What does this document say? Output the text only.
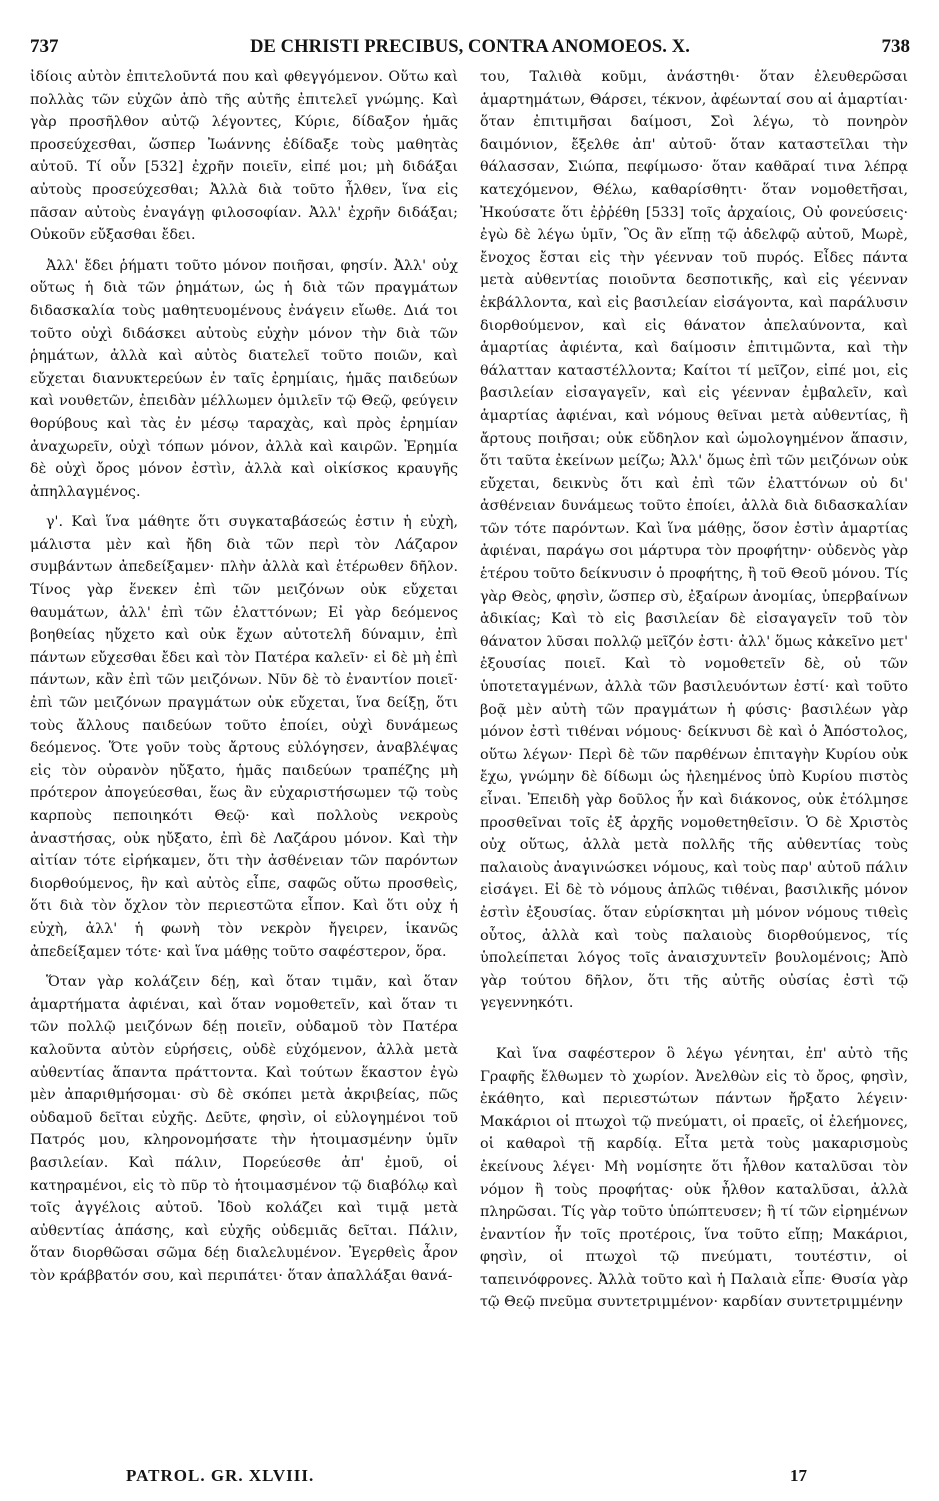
737	DE CHRISTI PRECIBUS, CONTRA ANOMOEOS. X.	738

ἰδίοις αὐτὸν ἐπιτελοῦντά που καὶ φθεγγόμενον. Οὕτω καὶ πολλὰς τῶν εὐχῶν ἀπὸ τῆς αὐτῆς ἐπιτελεῖ γνώμης. Καὶ γὰρ προσῆλθον αὐτῷ λέγοντες, Κύριε, δίδαξον ἡμᾶς προσεύχεσθαι, ὥσπερ Ἰωάννης ἐδίδαξε τοὺς μαθητὰς αὐτοῦ. Τί οὖν [532] ἐχρῆν ποιεῖν, εἰπέ μοι; μὴ διδάξαι αὐτοὺς προσεύχεσθαι; Ἀλλὰ διὰ τοῦτο ἦλθεν, ἵνα εἰς πᾶσαν αὐτοὺς ἐναγάγῃ φιλοσοφίαν. Ἀλλ' ἐχρῆν διδάξαι; Οὐκοῦν εὔξασθαι ἔδει.

Ἀλλ' ἔδει ῥήματι τοῦτο μόνον ποιῆσαι, φησίν. Ἀλλ' οὐχ οὕτως ἡ διὰ τῶν ῥημάτων, ὡς ἡ διὰ τῶν πραγμάτων διδασκαλία τοὺς μαθητευομένους ἐνάγειν εἴωθε. Διά τοι τοῦτο οὐχὶ διδάσκει αὐτοὺς εὐχὴν μόνον τὴν διὰ τῶν ῥημάτων, ἀλλὰ καὶ αὐτὸς διατελεῖ τοῦτο ποιῶν, καὶ εὔχεται διανυκτερεύων ἐν ταῖς ἐρημίαις, ἡμᾶς παιδεύων καὶ νουθετῶν, ἐπειδὰν μέλλωμεν ὁμιλεῖν τῷ Θεῷ, φεύγειν θορύβους καὶ τὰς ἐν μέσῳ ταραχὰς, καὶ πρὸς ἐρημίαν ἀναχωρεῖν, οὐχὶ τόπων μόνον, ἀλλὰ καὶ καιρῶν. Ἐρημία δὲ οὐχὶ ὄρος μόνον ἐστὶν, ἀλλὰ καὶ οἰκίσκος κραυγῆς ἀπηλλαγμένος.

γ'. Καὶ ἵνα μάθητε ὅτι συγκαταβάσεώς ἐστιν ἡ εὐχὴ, μάλιστα μὲν καὶ ἤδη διὰ τῶν περὶ τὸν Λάζαρον συμβάντων ἀπεδείξαμεν· πλὴν ἀλλὰ καὶ ἑτέρωθεν δῆλον. Τίνος γὰρ ἕνεκεν ἐπὶ τῶν μειζόνων οὐκ εὔχεται θαυμάτων, ἀλλ' ἐπὶ τῶν ἐλαττόνων; Εἰ γὰρ δεόμενος βοηθείας ηὔχετο καὶ οὐκ ἔχων αὐτοτελῆ δύναμιν, ἐπὶ πάντων εὔχεσθαι ἔδει καὶ τὸν Πατέρα καλεῖν· εἰ δὲ μὴ ἐπὶ πάντων, κἂν ἐπὶ τῶν μειζόνων. Νῦν δὲ τὸ ἐναντίον ποιεῖ· ἐπὶ τῶν μειζόνων πραγμάτων οὐκ εὔχεται, ἵνα δείξῃ, ὅτι τοὺς ἄλλους παιδεύων τοῦτο ἐποίει, οὐχὶ δυνάμεως δεόμενος. Ὅτε γοῦν τοὺς ἄρτους εὐλόγησεν, ἀναβλέψας εἰς τὸν οὐρανὸν ηὔξατο, ἡμᾶς παιδεύων τραπέζης μὴ πρότερον ἀπογεύεσθαι, ἕως ἂν εὐχαριστήσωμεν τῷ τοὺς καρποὺς πεποιηκότι Θεῷ· καὶ πολλοὺς νεκροὺς ἀναστήσας, οὐκ ηὔξατο, ἐπὶ δὲ Λαζάρου μόνον. Καὶ τὴν αἰτίαν τότε εἰρήκαμεν, ὅτι τὴν ἀσθένειαν τῶν παρόντων διορθούμενος, ἣν καὶ αὐτὸς εἶπε, σαφῶς οὕτω προσθεὶς, ὅτι διὰ τὸν ὄχλον τὸν περιεστῶτα εἶπον. Καὶ ὅτι οὐχ ἡ εὐχὴ, ἀλλ' ἡ φωνὴ τὸν νεκρὸν ἤγειρεν, ἱκανῶς ἀπεδείξαμεν τότε· καὶ ἵνα μάθῃς τοῦτο σαφέστερον, ὅρα.

Ὅταν γὰρ κολάζειν δέῃ, καὶ ὅταν τιμᾶν, καὶ ὅταν ἁμαρτήματα ἀφιέναι, καὶ ὅταν νομοθετεῖν, καὶ ὅταν τι τῶν πολλῷ μειζόνων δέῃ ποιεῖν, οὐδαμοῦ τὸν Πατέρα καλοῦντα αὐτὸν εὑρήσεις, οὐδὲ εὐχόμενον, ἀλλὰ μετὰ αὐθεντίας ἅπαντα πράττοντα. Καὶ τούτων ἕκαστον ἐγὼ μὲν ἀπαριθμήσομαι· σὺ δὲ σκόπει μετὰ ἀκριβείας, πῶς οὐδαμοῦ δεῖται εὐχῆς. Δεῦτε, φησὶν, οἱ εὐλογημένοι τοῦ Πατρός μου, κληρονομήσατε τὴν ἡτοιμασμένην ὑμῖν βασιλείαν. Καὶ πάλιν, Πορεύεσθε ἀπ' ἐμοῦ, οἱ κατηραμένοι, εἰς τὸ πῦρ τὸ ἡτοιμασμένον τῷ διαβόλῳ καὶ τοῖς ἀγγέλοις αὐτοῦ. Ἰδοὺ κολάζει καὶ τιμᾷ μετὰ αὐθεντίας ἁπάσης, καὶ εὐχῆς οὐδεμιᾶς δεῖται. Πάλιν, ὅταν διορθῶσαι σῶμα δέῃ διαλελυμένον. Ἐγερθεὶς ἆρον τὸν κράββατόν σου, καὶ περιπάτει· ὅταν ἀπαλλάξαι θανά-

του, Ταλιθὰ κοῦμι, ἀνάστηθι· ὅταν ἐλευθερῶσαι ἁμαρτημάτων, Θάρσει, τέκνον, ἀφέωνταί σου αἱ ἁμαρτίαι· ὅταν ἐπιτιμῆσαι δαίμοσι, Σοὶ λέγω, τὸ πονηρὸν δαιμόνιον, ἔξελθε ἀπ' αὐτοῦ· ὅταν καταστεῖλαι τὴν θάλασσαν, Σιώπα, πεφίμωσο· ὅταν καθᾶραί τινα λέπρᾳ κατεχόμενον, Θέλω, καθαρίσθητι· ὅταν νομοθετῆσαι, Ἠκούσατε ὅτι ἐῤῥέθη [533] τοῖς ἀρχαίοις, Οὐ φονεύσεις· ἐγὼ δὲ λέγω ὑμῖν, Ὃς ἂν εἴπῃ τῷ ἀδελφῷ αὐτοῦ, Μωρὲ, ἔνοχος ἔσται εἰς τὴν γέενναν τοῦ πυρός. Εἶδες πάντα μετὰ αὐθεντίας ποιοῦντα δεσποτικῆς, καὶ εἰς γέενναν ἐκβάλλοντα, καὶ εἰς βασιλείαν εἰσάγοντα, καὶ παράλυσιν διορθούμενον, καὶ εἰς θάνατον ἀπελαύνοντα, καὶ ἁμαρτίας ἀφιέντα, καὶ δαίμοσιν ἐπιτιμῶντα, καὶ τὴν θάλατταν καταστέλλοντα; Καίτοι τί μεῖζον, εἰπέ μοι, εἰς βασιλείαν εἰσαγαγεῖν, καὶ εἰς γέενναν ἐμβαλεῖν, καὶ ἁμαρτίας ἀφιέναι, καὶ νόμους θεῖναι μετὰ αὐθεντίας, ἢ ἄρτους ποιῆσαι; οὐκ εὔδηλον καὶ ὡμολογημένον ἅπασιν, ὅτι ταῦτα ἐκείνων μείζω; Ἀλλ' ὅμως ἐπὶ τῶν μειζόνων οὐκ εὔχεται, δεικνὺς ὅτι καὶ ἐπὶ τῶν ἐλαττόνων οὐ δι' ἀσθένειαν δυνάμεως τοῦτο ἐποίει, ἀλλὰ διὰ διδασκαλίαν τῶν τότε παρόντων. Καὶ ἵνα μάθῃς, ὅσον ἐστὶν ἁμαρτίας ἀφιέναι, παράγω σοι μάρτυρα τὸν προφήτην· οὐδενὸς γὰρ ἑτέρου τοῦτο δείκνυσιν ὁ προφήτης, ἢ τοῦ Θεοῦ μόνου. Τίς γὰρ Θεὸς, φησὶν, ὥσπερ σὺ, ἐξαίρων ἀνομίας, ὑπερβαίνων ἀδικίας; Καὶ τὸ εἰς βασιλείαν δὲ εἰσαγαγεῖν τοῦ τὸν θάνατον λῦσαι πολλῷ μεῖζόν ἐστι· ἀλλ' ὅμως κἀκεῖνο μετ' ἐξουσίας ποιεῖ. Καὶ τὸ νομοθετεῖν δὲ, οὐ τῶν ὑποτεταγμένων, ἀλλὰ τῶν βασιλευόντων ἐστί· καὶ τοῦτο βοᾷ μὲν αὐτὴ τῶν πραγμάτων ἡ φύσις· βασιλέων γὰρ μόνον ἐστὶ τιθέναι νόμους· δείκνυσι δὲ καὶ ὁ Ἀπόστολος, οὕτω λέγων· Περὶ δὲ τῶν παρθένων ἐπιταγὴν Κυρίου οὐκ ἔχω, γνώμην δὲ δίδωμι ὡς ἠλεημένος ὑπὸ Κυρίου πιστὸς εἶναι. Ἐπειδὴ γὰρ δοῦλος ἦν καὶ διάκονος, οὐκ ἐτόλμησε προσθεῖναι τοῖς ἐξ ἀρχῆς νομοθετηθεῖσιν. Ὁ δὲ Χριστὸς οὐχ οὕτως, ἀλλὰ μετὰ πολλῆς τῆς αὐθεντίας τοὺς παλαιοὺς ἀναγινώσκει νόμους, καὶ τοὺς παρ' αὐτοῦ πάλιν εἰσάγει. Εἰ δὲ τὸ νόμους ἁπλῶς τιθέναι, βασιλικῆς μόνον ἐστὶν ἐξουσίας. ὅταν εὑρίσκηται μὴ μόνον νόμους τιθεὶς οὗτος, ἀλλὰ καὶ τοὺς παλαιοὺς διορθούμενος, τίς ὑπολείπεται λόγος τοῖς ἀναισχυντεῖν βουλομένοις; Ἀπὸ γὰρ τούτου δῆλον, ὅτι τῆς αὐτῆς οὐσίας ἐστὶ τῷ γεγεννηκότι.

Καὶ ἵνα σαφέστερον ὃ λέγω γένηται, ἐπ' αὐτὸ τῆς Γραφῆς ἔλθωμεν τὸ χωρίον. Ἀνελθὼν εἰς τὸ ὄρος, φησὶν, ἐκάθητο, καὶ περιεστώτων πάντων ἤρξατο λέγειν· Μακάριοι οἱ πτωχοὶ τῷ πνεύματι, οἱ πραεῖς, οἱ ἐλεήμονες, οἱ καθαροὶ τῇ καρδίᾳ. Εἶτα μετὰ τοὺς μακαρισμοὺς ἐκείνους λέγει· Μὴ νομίσητε ὅτι ἦλθον καταλῦσαι τὸν νόμον ἢ τοὺς προφήτας· οὐκ ἦλθον καταλῦσαι, ἀλλὰ πληρῶσαι. Τίς γὰρ τοῦτο ὑπώπτευσεν; ἢ τί τῶν εἰρημένων ἐναντίον ἦν τοῖς προτέροις, ἵνα τοῦτο εἴπῃ; Μακάριοι, φησὶν, οἱ πτωχοὶ τῷ πνεύματι, τουτέστιν, οἱ ταπεινόφρονες. Ἀλλὰ τοῦτο καὶ ἡ Παλαιὰ εἶπε· Θυσία γὰρ τῷ Θεῷ πνεῦμα συντετριμμένον· καρδίαν συντετριμμένην

PATROL. GR. XLVIII.	17
